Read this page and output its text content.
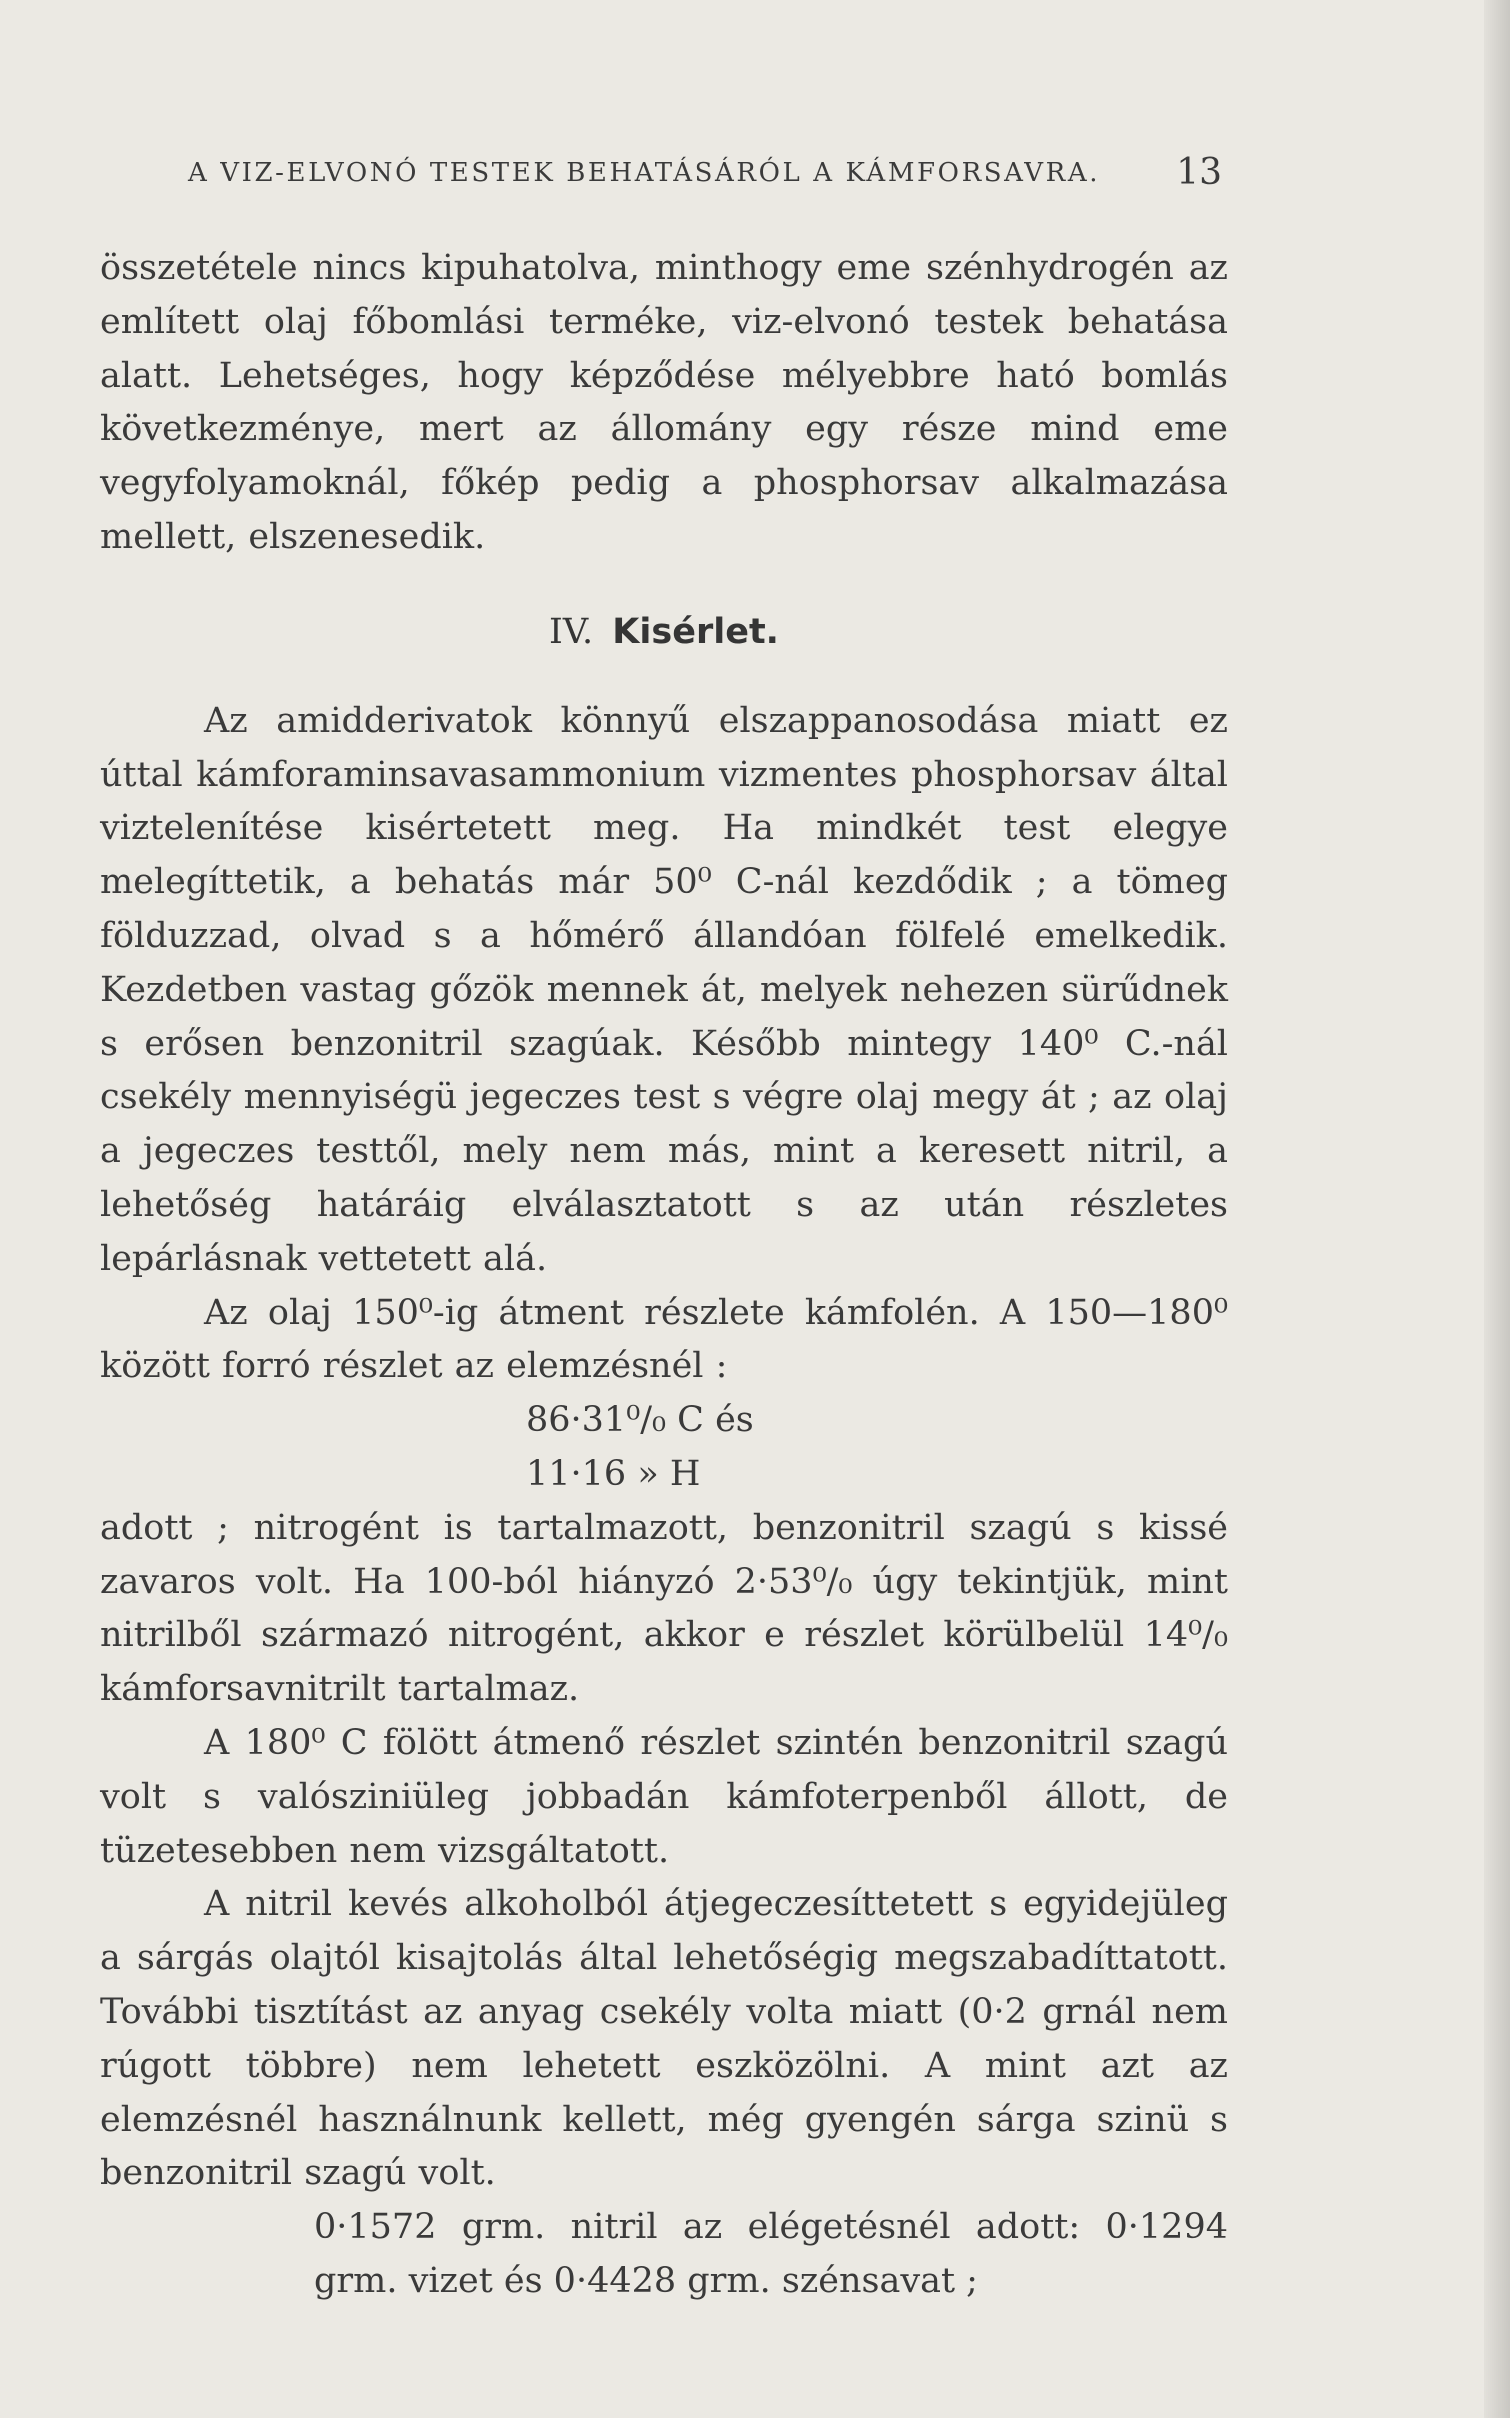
A VIZ-ELVONÓ TESTEK BEHATÁSÁRÓL A KÁMFORSAVRA.	13

összetétele nincs kipuhatolva, minthogy eme szénhydrogén az említett olaj főbomlási terméke, viz-elvonó testek behatása alatt. Lehetséges, hogy képződése mélyebbre ható bomlás következménye, mert az állomány egy része mind eme vegyfolyamoknál, főkép pedig a phosphorsav alkalmazása mellett, elszenesedik.

IV. Kisérlet.

Az amidderivatok könnyű elszappanosodása miatt ez úttal kámforaminsavasammonium vizmentes phosphorsav által viztelenítése kisértetett meg. Ha mindkét test elegye melegíttetik, a behatás már 50⁰ C-nál kezdődik ; a tömeg földuzzad, olvad s a hőmérő állandóan fölfelé emelkedik. Kezdetben vastag gőzök mennek át, melyek nehezen sürűdnek s erősen benzonitril szagúak. Később mintegy 140⁰ C.-nál csekély mennyiségü jegeczes test s végre olaj megy át ; az olaj a jegeczes testtől, mely nem más, mint a keresett nitril, a lehetőség határáig elválasztatott s az után részletes lepárlásnak vettetett alá.

Az olaj 150⁰-ig átment részlete kámfolén. A 150—180⁰ között forró részlet az elemzésnél :

86·31⁰/₀ C és

11·16 » H

adott ; nitrogént is tartalmazott, benzonitril szagú s kissé zavaros volt. Ha 100-ból hiányzó 2·53⁰/₀ úgy tekintjük, mint nitrilből származó nitrogént, akkor e részlet körülbelül 14⁰/₀ kámforsavnitrilt tartalmaz.

A 180⁰ C fölött átmenő részlet szintén benzonitril szagú volt s valósziniüleg jobbadán kámfoterpenből állott, de tüzetesebben nem vizsgáltatott.

A nitril kevés alkoholból átjegeczesíttetett s egyidejüleg a sárgás olajtól kisajtolás által lehetőségig megszabadíttatott. További tisztítást az anyag csekély volta miatt (0·2 grnál nem rúgott többre) nem lehetett eszközölni. A mint azt az elemzésnél használnunk kellett, még gyengén sárga szinü s benzonitril szagú volt.

0·1572 grm. nitril az elégetésnél adott: 0·1294

grm. vizet és 0·4428 grm. szénsavat ;
